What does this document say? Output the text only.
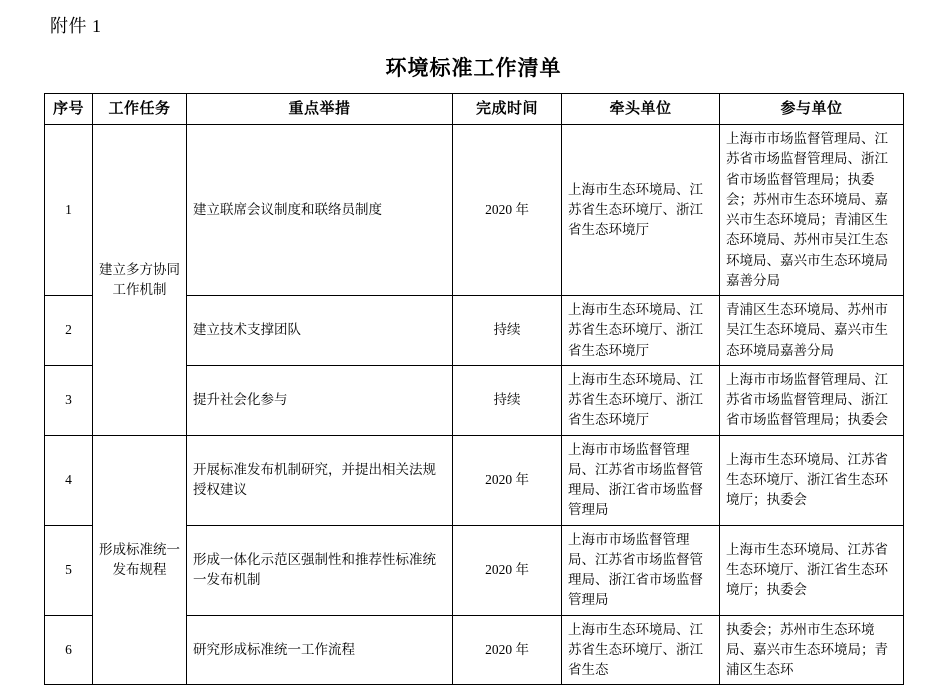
附件 1
环境标准工作清单
序号	工作任务	重点举措	完成时间	牵头单位	参与单位
1	建立多方协同工作机制	建立联席会议制度和联络员制度	2020 年	上海市生态环境局、江苏省生态环境厅、浙江省生态环境厅	上海市市场监督管理局、江苏省市场监督管理局、浙江省市场监督管理局；执委会；苏州市生态环境局、嘉兴市生态环境局；青浦区生态环境局、苏州市吴江生态环境局、嘉兴市生态环境局嘉善分局
2		建立技术支撑团队	持续	上海市生态环境局、江苏省生态环境厅、浙江省生态环境厅	青浦区生态环境局、苏州市吴江生态环境局、嘉兴市生态环境局嘉善分局
3		提升社会化参与	持续	上海市生态环境局、江苏省生态环境厅、浙江省生态环境厅	上海市市场监督管理局、江苏省市场监督管理局、浙江省市场监督管理局；执委会
4	形成标准统一发布规程	开展标准发布机制研究，并提出相关法规授权建议	2020 年	上海市市场监督管理局、江苏省市场监督管理局、浙江省市场监督管理局	上海市生态环境局、江苏省生态环境厅、浙江省生态环境厅；执委会
5		形成一体化示范区强制性和推荐性标准统一发布机制	2020 年	上海市市场监督管理局、江苏省市场监督管理局、浙江省市场监督管理局	上海市生态环境局、江苏省生态环境厅、浙江省生态环境厅；执委会
6		研究形成标准统一工作流程	2020 年	上海市生态环境局、江苏省生态环境厅、浙江省生态	执委会；苏州市生态环境局、嘉兴市生态环境局；青浦区生态环
